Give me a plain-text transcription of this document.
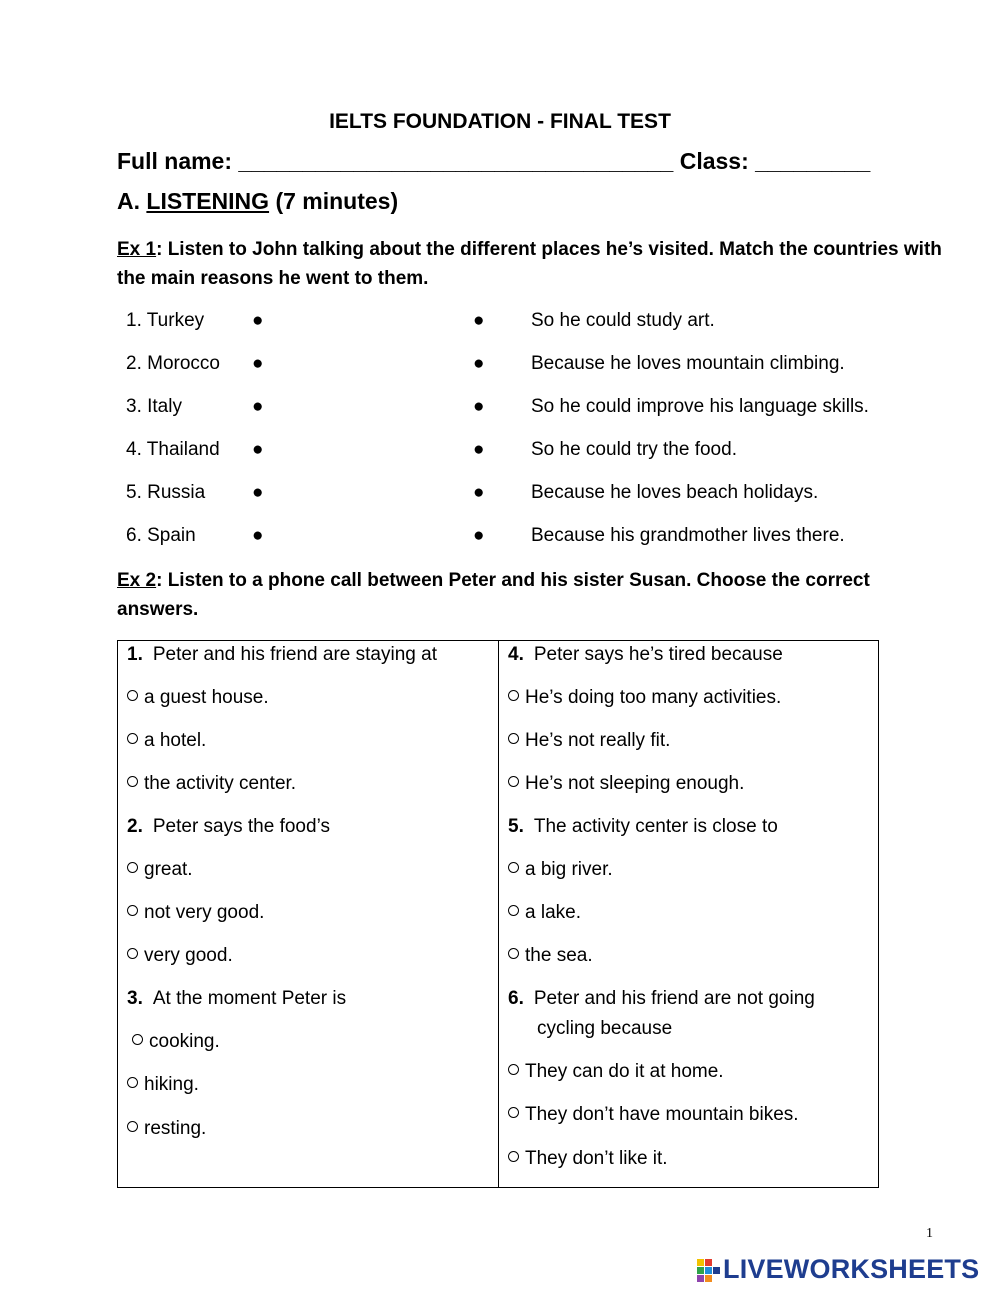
IELTS FOUNDATION - FINAL TEST
Full name: __________________________________ Class: _________
A. LISTENING (7 minutes)
Ex 1: Listen to John talking about the different places he’s visited. Match the countries with the main reasons he went to them.
1. Turkey	●	● So he could study art.
2. Morocco ●	● Because he loves mountain climbing.
3. Italy	●	● So he could improve his language skills.
4. Thailand ●	● So he could try the food.
5. Russia ●	● Because he loves beach holidays.
6. Spain	●	● Because his grandmother lives there.
Ex 2: Listen to a phone call between Peter and his sister Susan. Choose the correct answers.
1. Peter and his friend are staying at
a guest house.
a hotel.
the activity center.
2. Peter says the food’s
great.
not very good.
very good.
3. At the moment Peter is
cooking.
hiking.
resting.
4. Peter says he’s tired because
He’s doing too many activities.
He’s not really fit.
He’s not sleeping enough.
5. The activity center is close to
a big river.
a lake.
the sea.
6. Peter and his friend are not going
cycling because
They can do it at home.
They don’t have mountain bikes.
They don’t like it.
1
LIVEWORKSHEETS
